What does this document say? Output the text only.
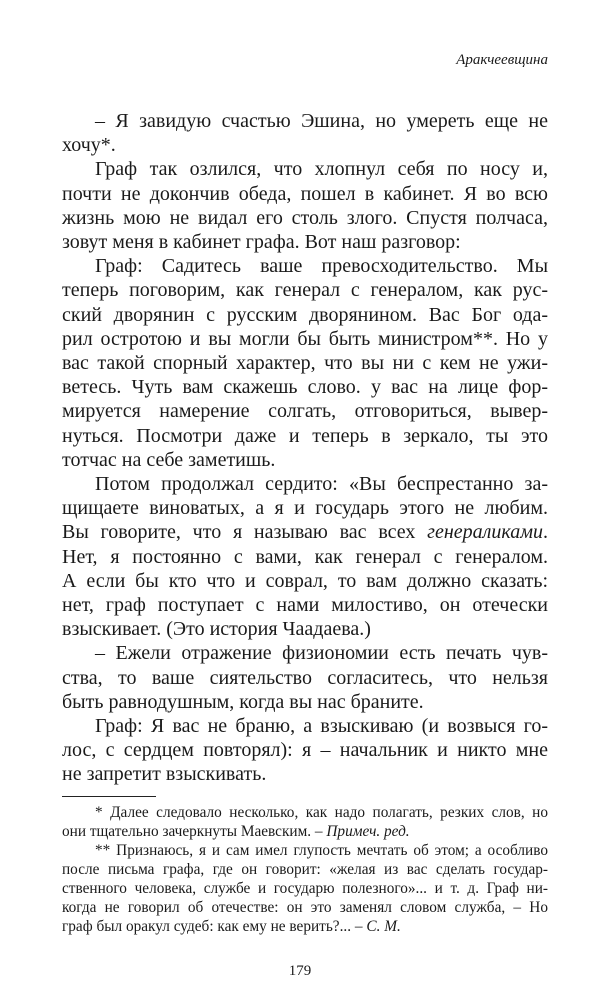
Аракчеевщина
– Я завидую счастью Эшина, но умереть еще не
хочу*.
Граф так озлился, что хлопнул себя по носу и,
почти не докончив обеда, пошел в кабинет. Я во всю
жизнь мою не видал его столь злого. Спустя полчаса,
зовут меня в кабинет графа. Вот наш разговор:
Граф: Садитесь ваше превосходительство. Мы
теперь поговорим, как генерал с генералом, как рус-
ский дворянин с русским дворянином. Вас Бог ода-
рил остротою и вы могли бы быть министром**. Но у
вас такой спорный характер, что вы ни с кем не ужи-
ветесь. Чуть вам скажешь слово. у вас на лице фор-
мируется намерение солгать, отговориться, вывер-
нуться. Посмотри даже и теперь в зеркало, ты это
тотчас на себе заметишь.
Потом продолжал сердито: «Вы беспрестанно за-
щищаете виноватых, а я и государь этого не любим.
Вы говорите, что я называю вас всех генераликами.
Нет, я постоянно с вами, как генерал с генералом.
А если бы кто что и соврал, то вам должно сказать:
нет, граф поступает с нами милостиво, он отечески
взыскивает. (Это история Чаадаева.)
– Ежели отражение физиономии есть печать чув-
ства, то ваше сиятельство согласитесь, что нельзя
быть равнодушным, когда вы нас браните.
Граф: Я вас не браню, а взыскиваю (и возвыся го-
лос, с сердцем повторял): я – начальник и никто мне
не запретит взыскивать.
* Далее следовало несколько, как надо полагать, резких слов, но
они тщательно зачеркнуты Маевским. – Примеч. ред.
** Признаюсь, я и сам имел глупость мечтать об этом; а особливо
после письма графа, где он говорит: «желая из вас сделать государ-
ственного человека, службе и государю полезного»... и т. д. Граф ни-
когда не говорил об отечестве: он это заменял словом служба, – Но
граф был оракул судеб: как ему не верить?... – С. М.
179
